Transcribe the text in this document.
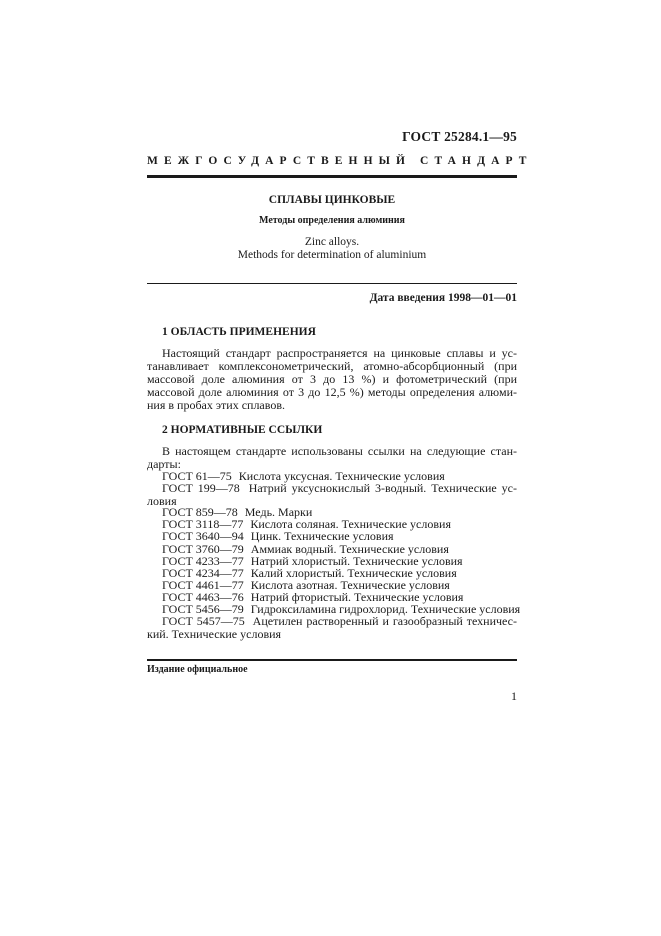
ГОСТ 25284.1—95
МЕЖГОСУДАРСТВЕННЫЙ СТАНДАРТ
СПЛАВЫ ЦИНКОВЫЕ
Методы определения алюминия
Zinc alloys.
Methods for determination of aluminium
Дата введения 1998—01—01
1 ОБЛАСТЬ ПРИМЕНЕНИЯ
Настоящий стандарт распространяется на цинковые сплавы и ус-
танавливает комплексонометрический, атомно-абсорбционный (при
массовой доле алюминия от 3 до 13 %) и фотометрический (при
массовой доле алюминия от 3 до 12,5 %) методы определения алюми-
ния в пробах этих сплавов.
2 НОРМАТИВНЫЕ ССЫЛКИ
В настоящем стандарте использованы ссылки на следующие стан-
дарты:
ГОСТ 61—75 Кислота уксусная. Технические условия
ГОСТ 199—78 Натрий уксуснокислый 3-водный. Технические ус-
ловия
ГОСТ 859—78 Медь. Марки
ГОСТ 3118—77 Кислота соляная. Технические условия
ГОСТ 3640—94 Цинк. Технические условия
ГОСТ 3760—79 Аммиак водный. Технические условия
ГОСТ 4233—77 Натрий хлористый. Технические условия
ГОСТ 4234—77 Калий хлористый. Технические условия
ГОСТ 4461—77 Кислота азотная. Технические условия
ГОСТ 4463—76 Натрий фтористый. Технические условия
ГОСТ 5456—79 Гидроксиламина гидрохлорид. Технические условия
ГОСТ 5457—75 Ацетилен растворенный и газообразный техничес-
кий. Технические условия
Издание официальное
1
